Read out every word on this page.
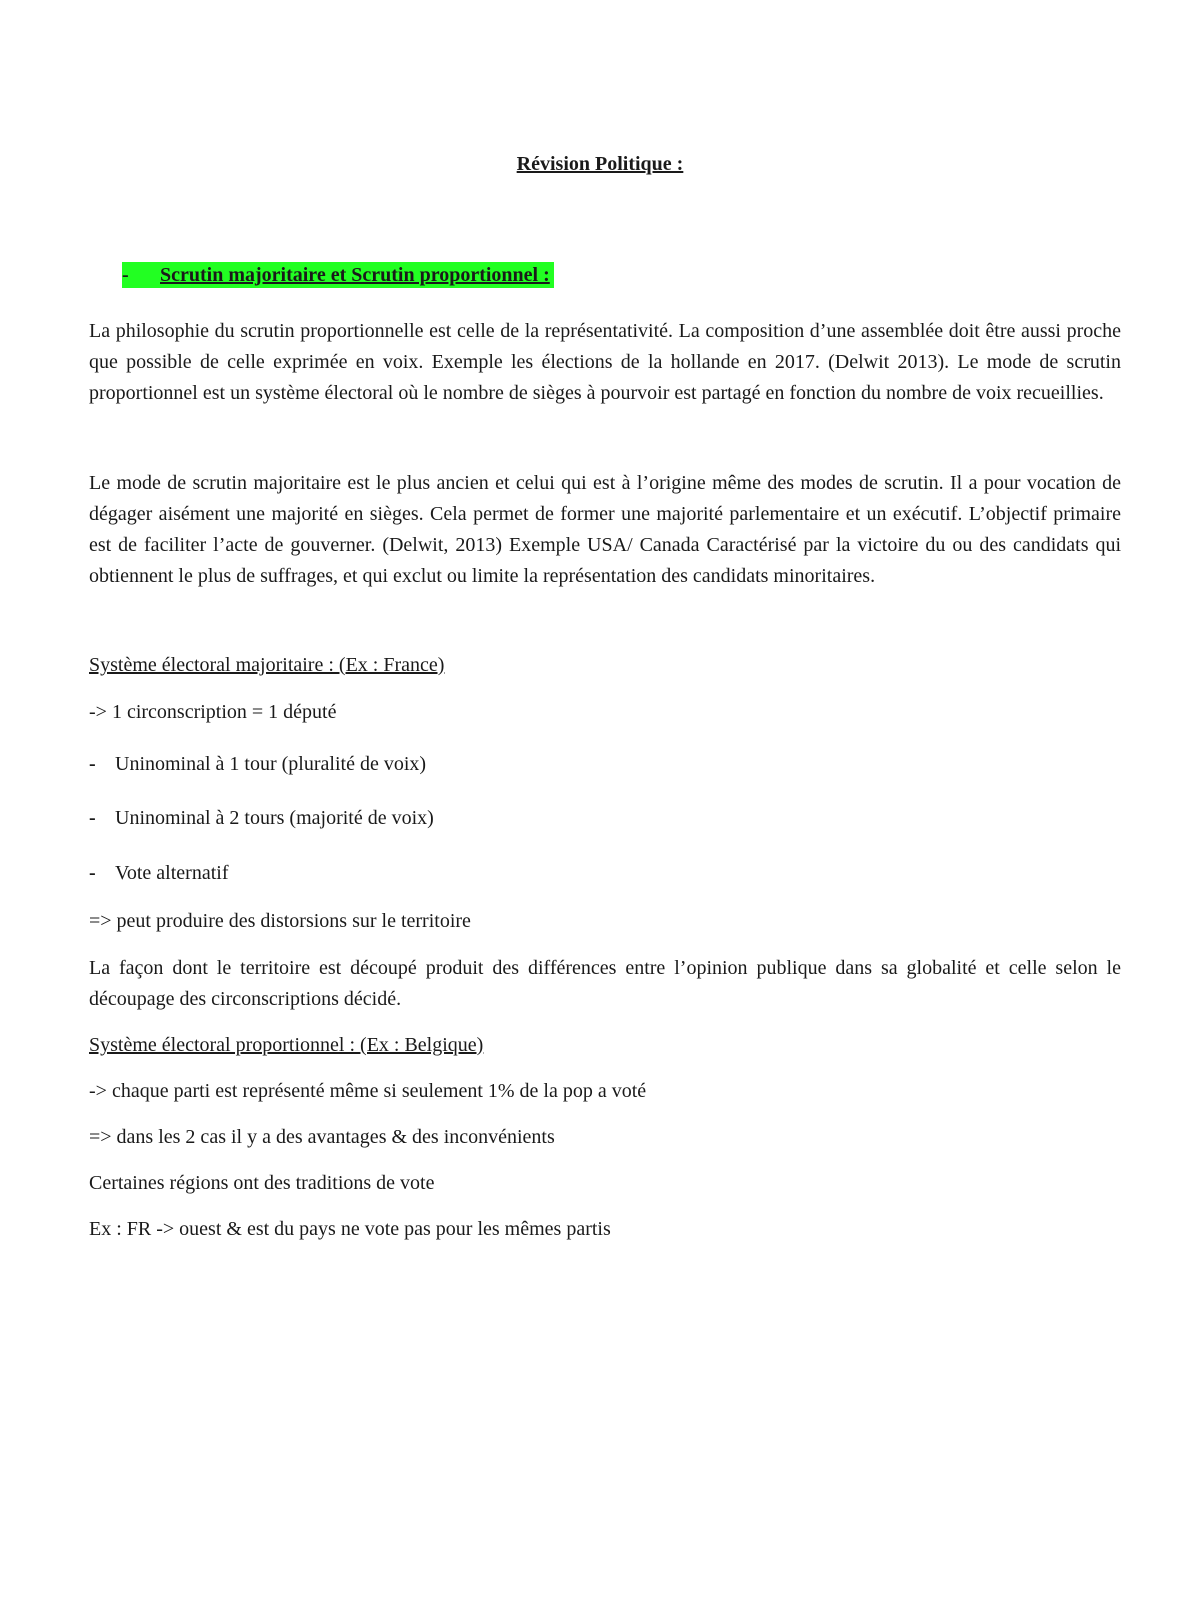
Révision Politique :
-	Scrutin majoritaire et Scrutin proportionnel :

La philosophie du scrutin proportionnelle est celle de la représentativité. La composition d’une assemblée doit être aussi proche que possible de celle exprimée en voix. Exemple les élections de la hollande en 2017. (Delwit 2013). Le mode de scrutin proportionnel est un système électoral où le nombre de sièges à pourvoir est partagé en fonction du nombre de voix recueillies.

Le mode de scrutin majoritaire est le plus ancien et celui qui est à l’origine même des modes de scrutin. Il a pour vocation de dégager aisément une majorité en sièges. Cela permet de former une majorité parlementaire et un exécutif. L’objectif primaire est de faciliter l’acte de gouverner. (Delwit, 2013) Exemple USA/ Canada Caractérisé par la victoire du ou des candidats qui obtiennent le plus de suffrages, et qui exclut ou limite la représentation des candidats minoritaires.

Système électoral majoritaire : (Ex : France)
-> 1 circonscription = 1 député
- Uninominal à 1 tour (pluralité de voix)
- Uninominal à 2 tours (majorité de voix)
- Vote alternatif
=> peut produire des distorsions sur le territoire

La façon dont le territoire est découpé produit des différences entre l’opinion publique dans sa globalité et celle selon le découpage des circonscriptions décidé.

Système électoral proportionnel : (Ex : Belgique)
-> chaque parti est représenté même si seulement 1% de la pop a voté
=> dans les 2 cas il y a des avantages & des inconvénients
Certaines régions ont des traditions de vote
Ex : FR -> ouest & est du pays ne vote pas pour les mêmes partis
